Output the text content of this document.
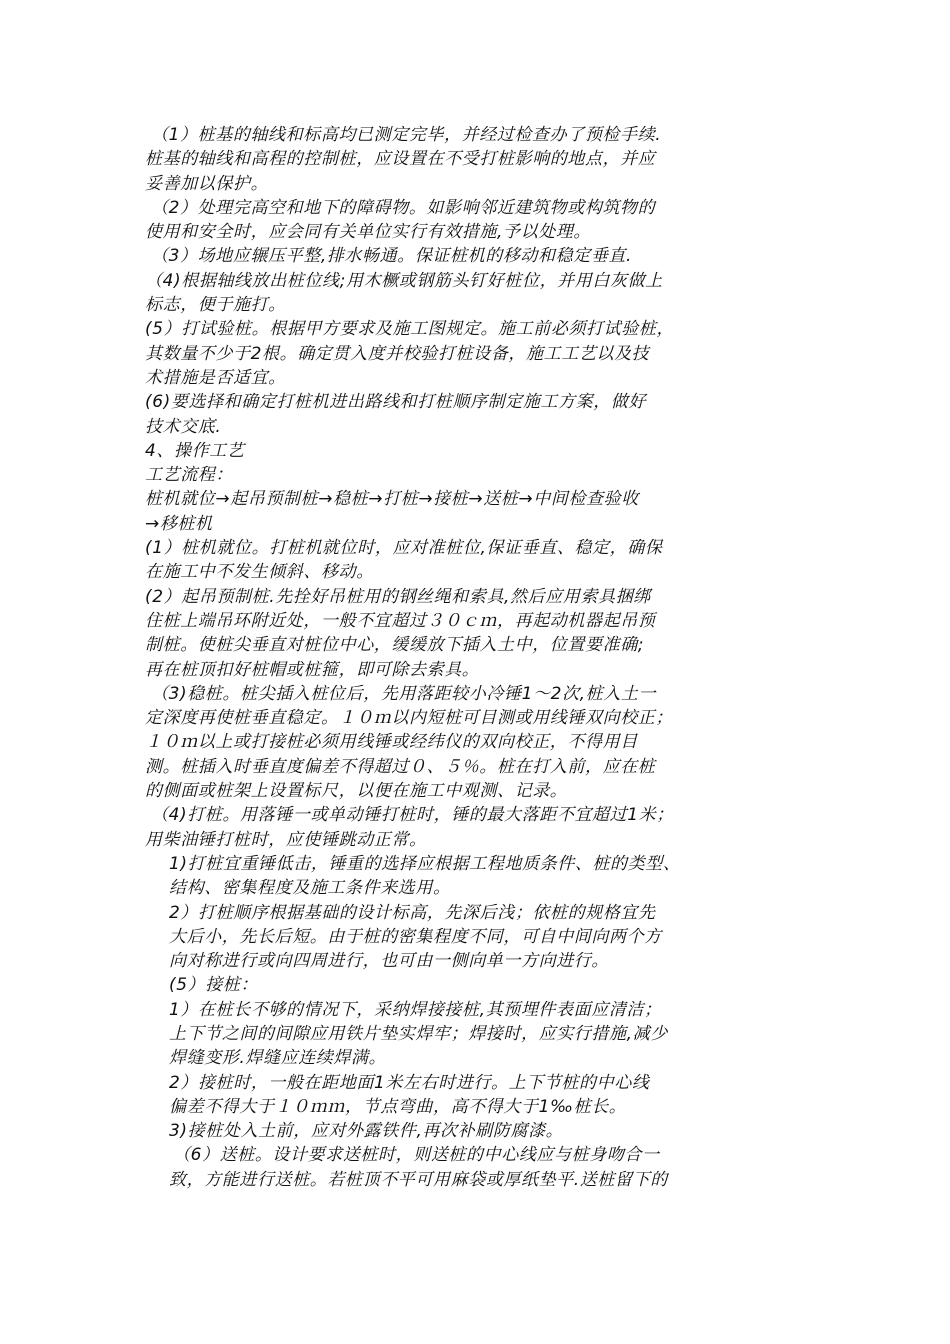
（1）桩基的轴线和标高均已测定完毕，并经过检查办了预检手续.
桩基的轴线和高程的控制桩，应设置在不受打桩影响的地点，并应
妥善加以保护。
（2）处理完高空和地下的障碍物。如影响邻近建筑物或构筑物的
使用和安全时，应会同有关单位实行有效措施,予以处理。
（3）场地应辗压平整,排水畅通。保证桩机的移动和稳定垂直.
（4)根据轴线放出桩位线;用木橛或钢筋头钉好桩位，并用白灰做上
标志，便于施打。
(5）打试验桩。根据甲方要求及施工图规定。施工前必须打试验桩，
其数量不少于2根。确定贯入度并校验打桩设备，施工工艺以及技
术措施是否适宜。
(6)要选择和确定打桩机进出路线和打桩顺序制定施工方案，做好
技术交底.
4、操作工艺
工艺流程：
桩机就位→起吊预制桩→稳桩→打桩→接桩→送桩→中间检查验收
→移桩机
(1）桩机就位。打桩机就位时，应对准桩位,保证垂直、稳定，确保
在施工中不发生倾斜、移动。
(2）起吊预制桩.先拴好吊桩用的钢丝绳和索具,然后应用索具捆绑
住桩上端吊环附近处，一般不宜超过３０ｃｍ，再起动机器起吊预
制桩。使桩尖垂直对桩位中心，缓缓放下插入土中，位置要准确;
再在桩顶扣好桩帽或桩箍，即可除去索具。
（3)稳桩。桩尖插入桩位后，先用落距较小冷锤1～2次,桩入土一
定深度再使桩垂直稳定。１０ｍ以内短桩可目测或用线锤双向校正；
１０ｍ以上或打接桩必须用线锤或经纬仪的双向校正，不得用目
测。桩插入时垂直度偏差不得超过０、５％。桩在打入前，应在桩
的侧面或桩架上设置标尺，以便在施工中观测、记录。
（4)打桩。用落锤一或单动锤打桩时，锤的最大落距不宜超过1米；
用柴油锤打桩时，应使锤跳动正常。
1)打桩宜重锤低击，锤重的选择应根据工程地质条件、桩的类型、
结构、密集程度及施工条件来选用。
2）打桩顺序根据基础的设计标高，先深后浅；依桩的规格宜先
大后小，先长后短。由于桩的密集程度不同，可自中间向两个方
向对称进行或向四周进行，也可由一侧向单一方向进行。
(5）接桩：
1）在桩长不够的情况下，采纳焊接接桩,其预埋件表面应清洁；
上下节之间的间隙应用铁片垫实焊牢；焊接时，应实行措施,减少
焊缝变形.焊缝应连续焊满。
2）接桩时，一般在距地面1米左右时进行。上下节桩的中心线
偏差不得大于１０ｍｍ，节点弯曲，高不得大于1‰桩长。
3)接桩处入土前，应对外露铁件,再次补刷防腐漆。
（6）送桩。设计要求送桩时，则送桩的中心线应与桩身吻合一
致，方能进行送桩。若桩顶不平可用麻袋或厚纸垫平.送桩留下的
